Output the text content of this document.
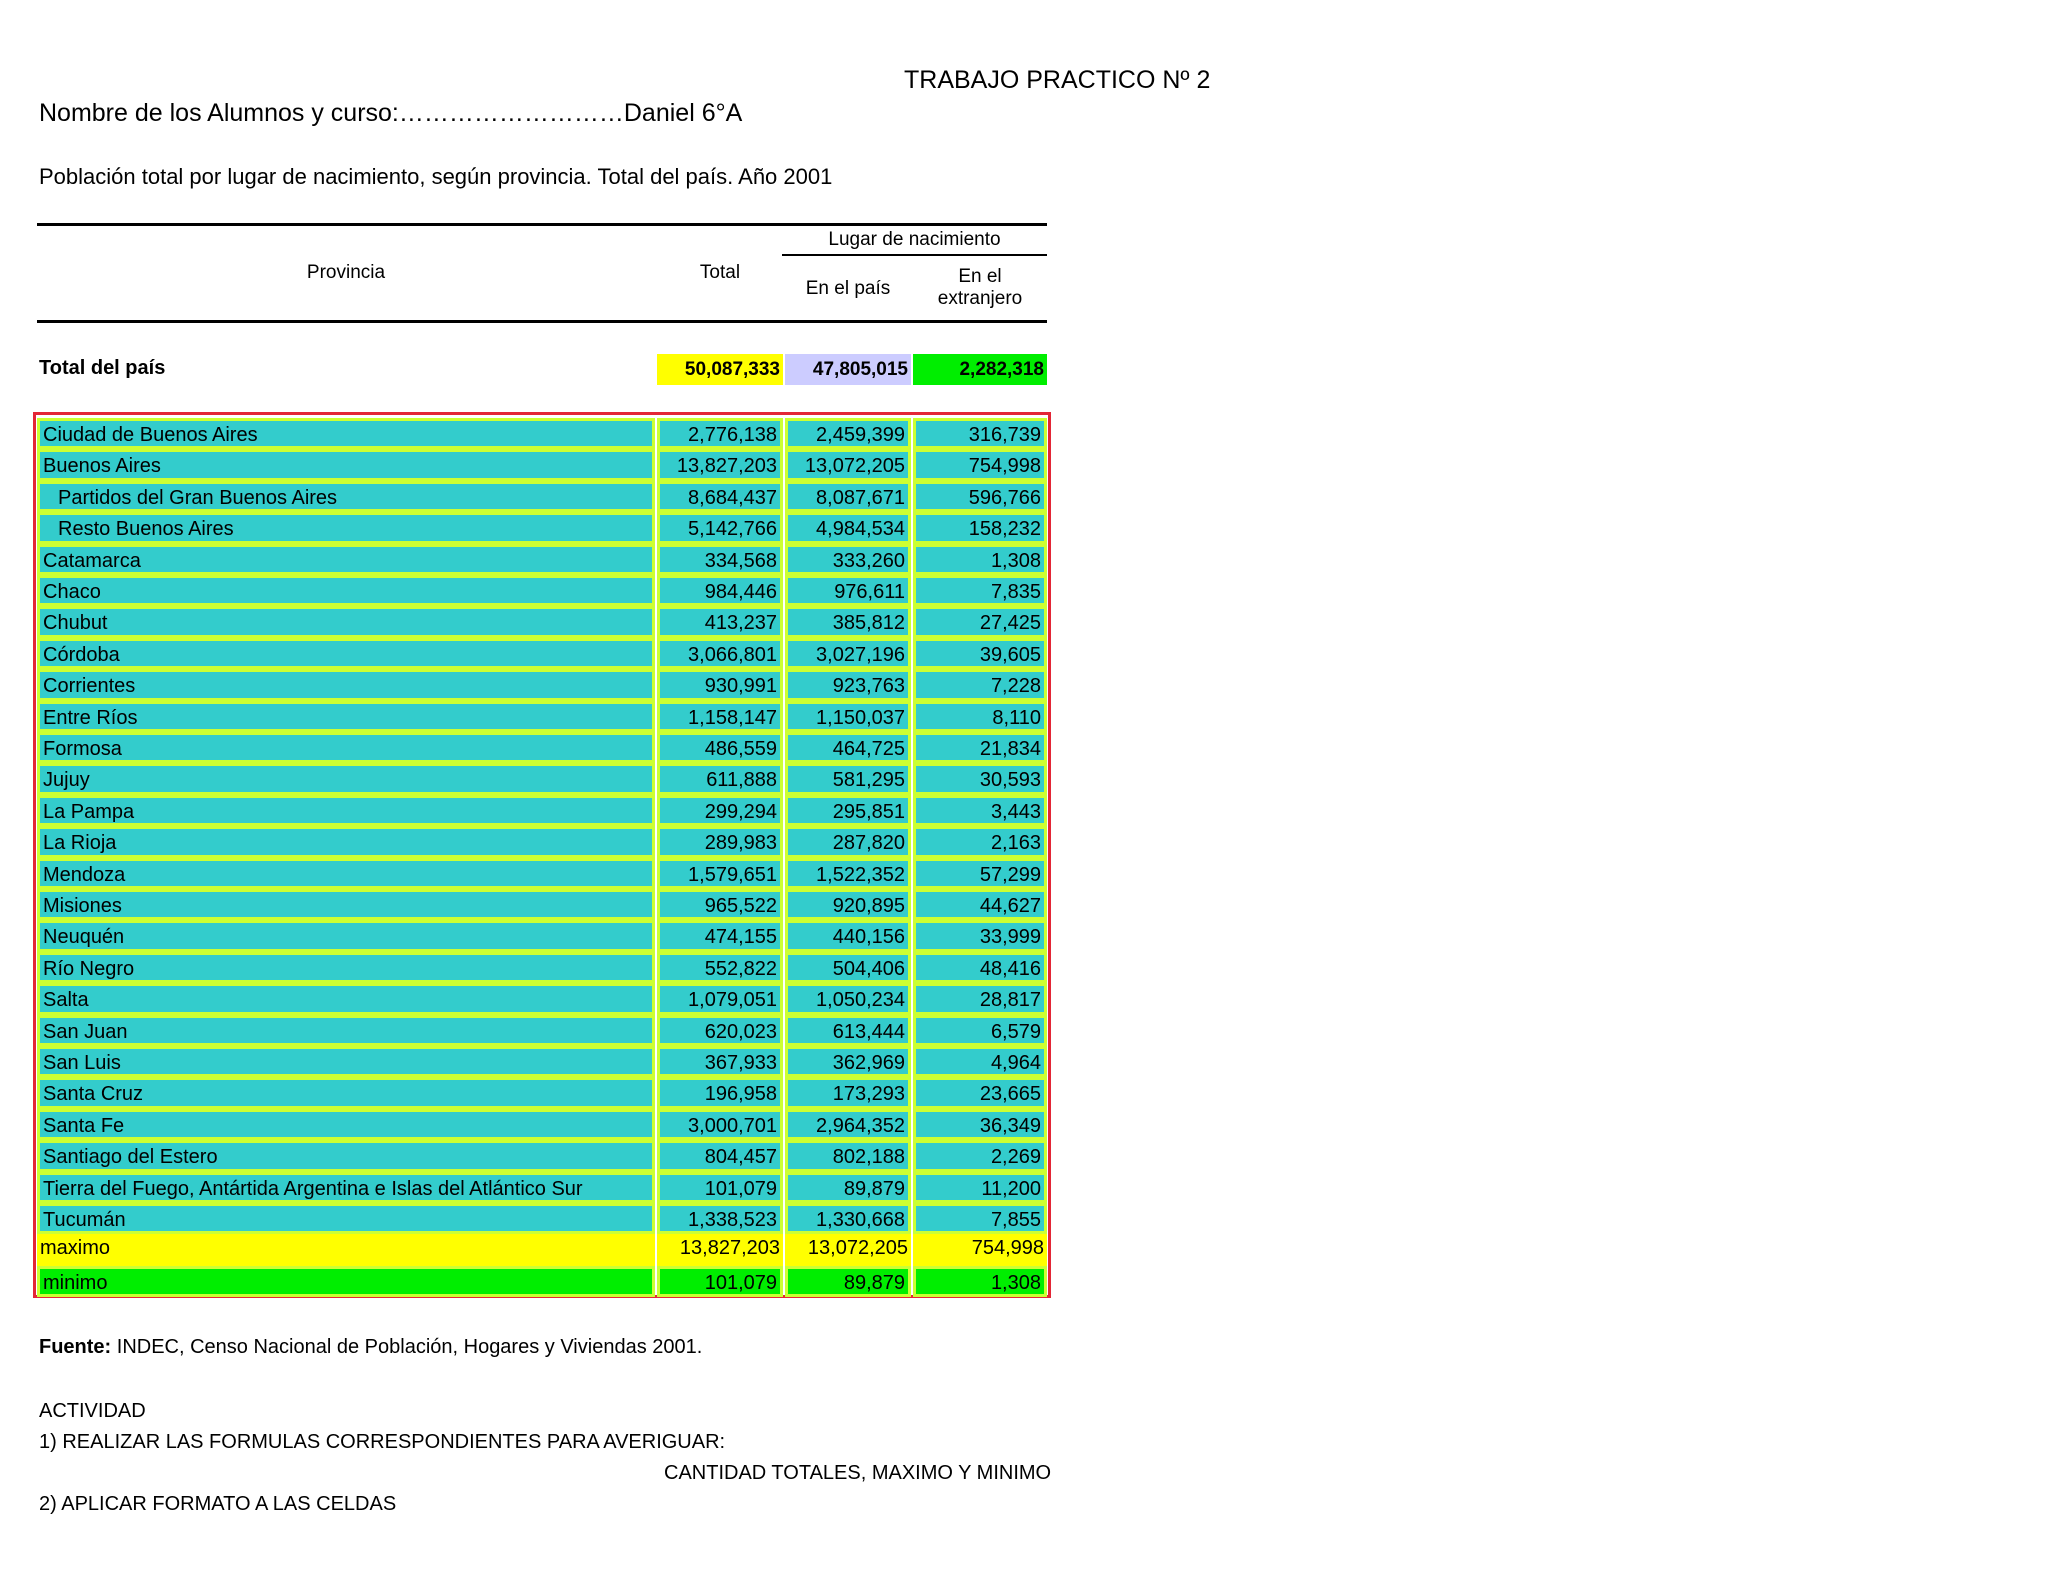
TRABAJO PRACTICO Nº 2
Nombre de los Alumnos y curso:………………………Daniel 6°A
Población total por lugar de nacimiento, según provincia. Total del país. Año 2001
Provincia	Total
Lugar de nacimiento
En el país
En el
extranjero
Total del país	50,087,333	47,805,015	2,282,318
Ciudad de Buenos Aires	2,776,138	2,459,399	316,739
Buenos Aires	13,827,203	13,072,205	754,998
Partidos del Gran Buenos Aires	8,684,437	8,087,671	596,766
Resto Buenos Aires	5,142,766	4,984,534	158,232
Catamarca	334,568	333,260	1,308
Chaco	984,446	976,611	7,835
Chubut	413,237	385,812	27,425
Córdoba	3,066,801	3,027,196	39,605
Corrientes	930,991	923,763	7,228
Entre Ríos	1,158,147	1,150,037	8,110
Formosa	486,559	464,725	21,834
Jujuy	611,888	581,295	30,593
La Pampa	299,294	295,851	3,443
La Rioja	289,983	287,820	2,163
Mendoza	1,579,651	1,522,352	57,299
Misiones	965,522	920,895	44,627
Neuquén	474,155	440,156	33,999
Río Negro	552,822	504,406	48,416
Salta	1,079,051	1,050,234	28,817
San Juan	620,023	613,444	6,579
San Luis	367,933	362,969	4,964
Santa Cruz	196,958	173,293	23,665
Santa Fe	3,000,701	2,964,352	36,349
Santiago del Estero	804,457	802,188	2,269
Tierra del Fuego, Antártida Argentina e Islas del Atlántico Sur	101,079	89,879	11,200
Tucumán	1,338,523	1,330,668	7,855
maximo	13,827,203	13,072,205	754,998
minimo	101,079	89,879	1,308
Fuente: INDEC, Censo Nacional de Población, Hogares y Viviendas 2001.
ACTIVIDAD
1) REALIZAR LAS FORMULAS CORRESPONDIENTES PARA AVERIGUAR:
CANTIDAD TOTALES, MAXIMO Y MINIMO
2) APLICAR FORMATO A LAS CELDAS
